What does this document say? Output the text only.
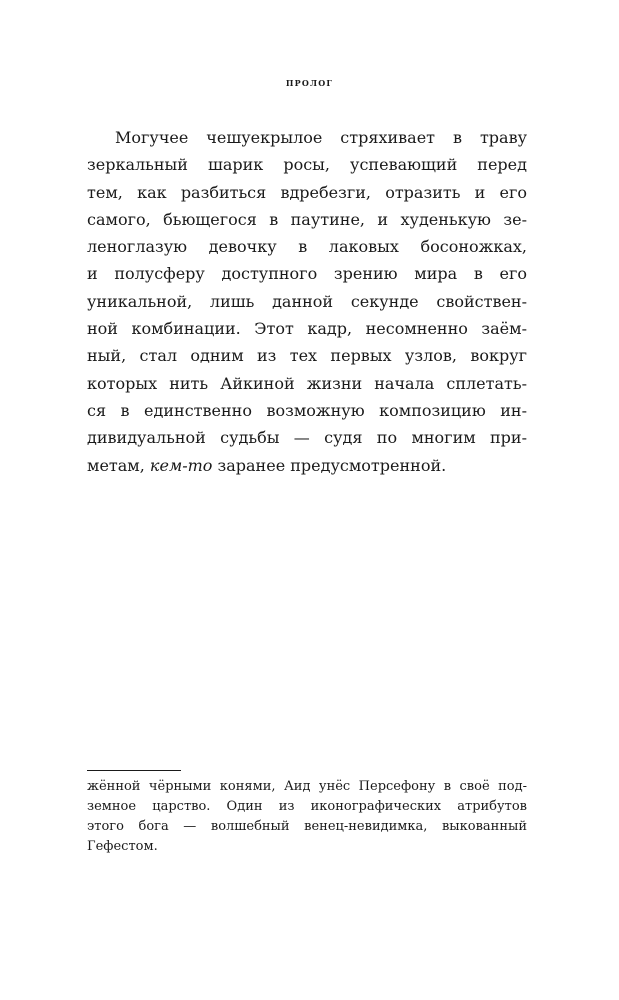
пролог
Могучее чешуекрылое стряхивает в траву
зеркальный шарик росы, успевающий перед
тем, как разбиться вдребезги, отразить и его
самого, бьющегося в паутине, и худенькую зе-
леноглазую девочку в лаковых босоножках,
и полусферу доступного зрению мира в его
уникальной, лишь данной секунде свойствен-
ной комбинации. Этот кадр, несомненно заём-
ный, стал одним из тех первых узлов, вокруг
которых нить Айкиной жизни начала сплетать-
ся в единственно возможную композицию ин-
дивидуальной судьбы — судя по многим при-
метам, кем-то заранее предусмотренной.
жённой чёрными конями, Аид унёс Персефону в своё под-
земное царство. Один из иконографических атрибутов
этого бога — волшебный венец-невидимка, выкованный
Гефестом.
